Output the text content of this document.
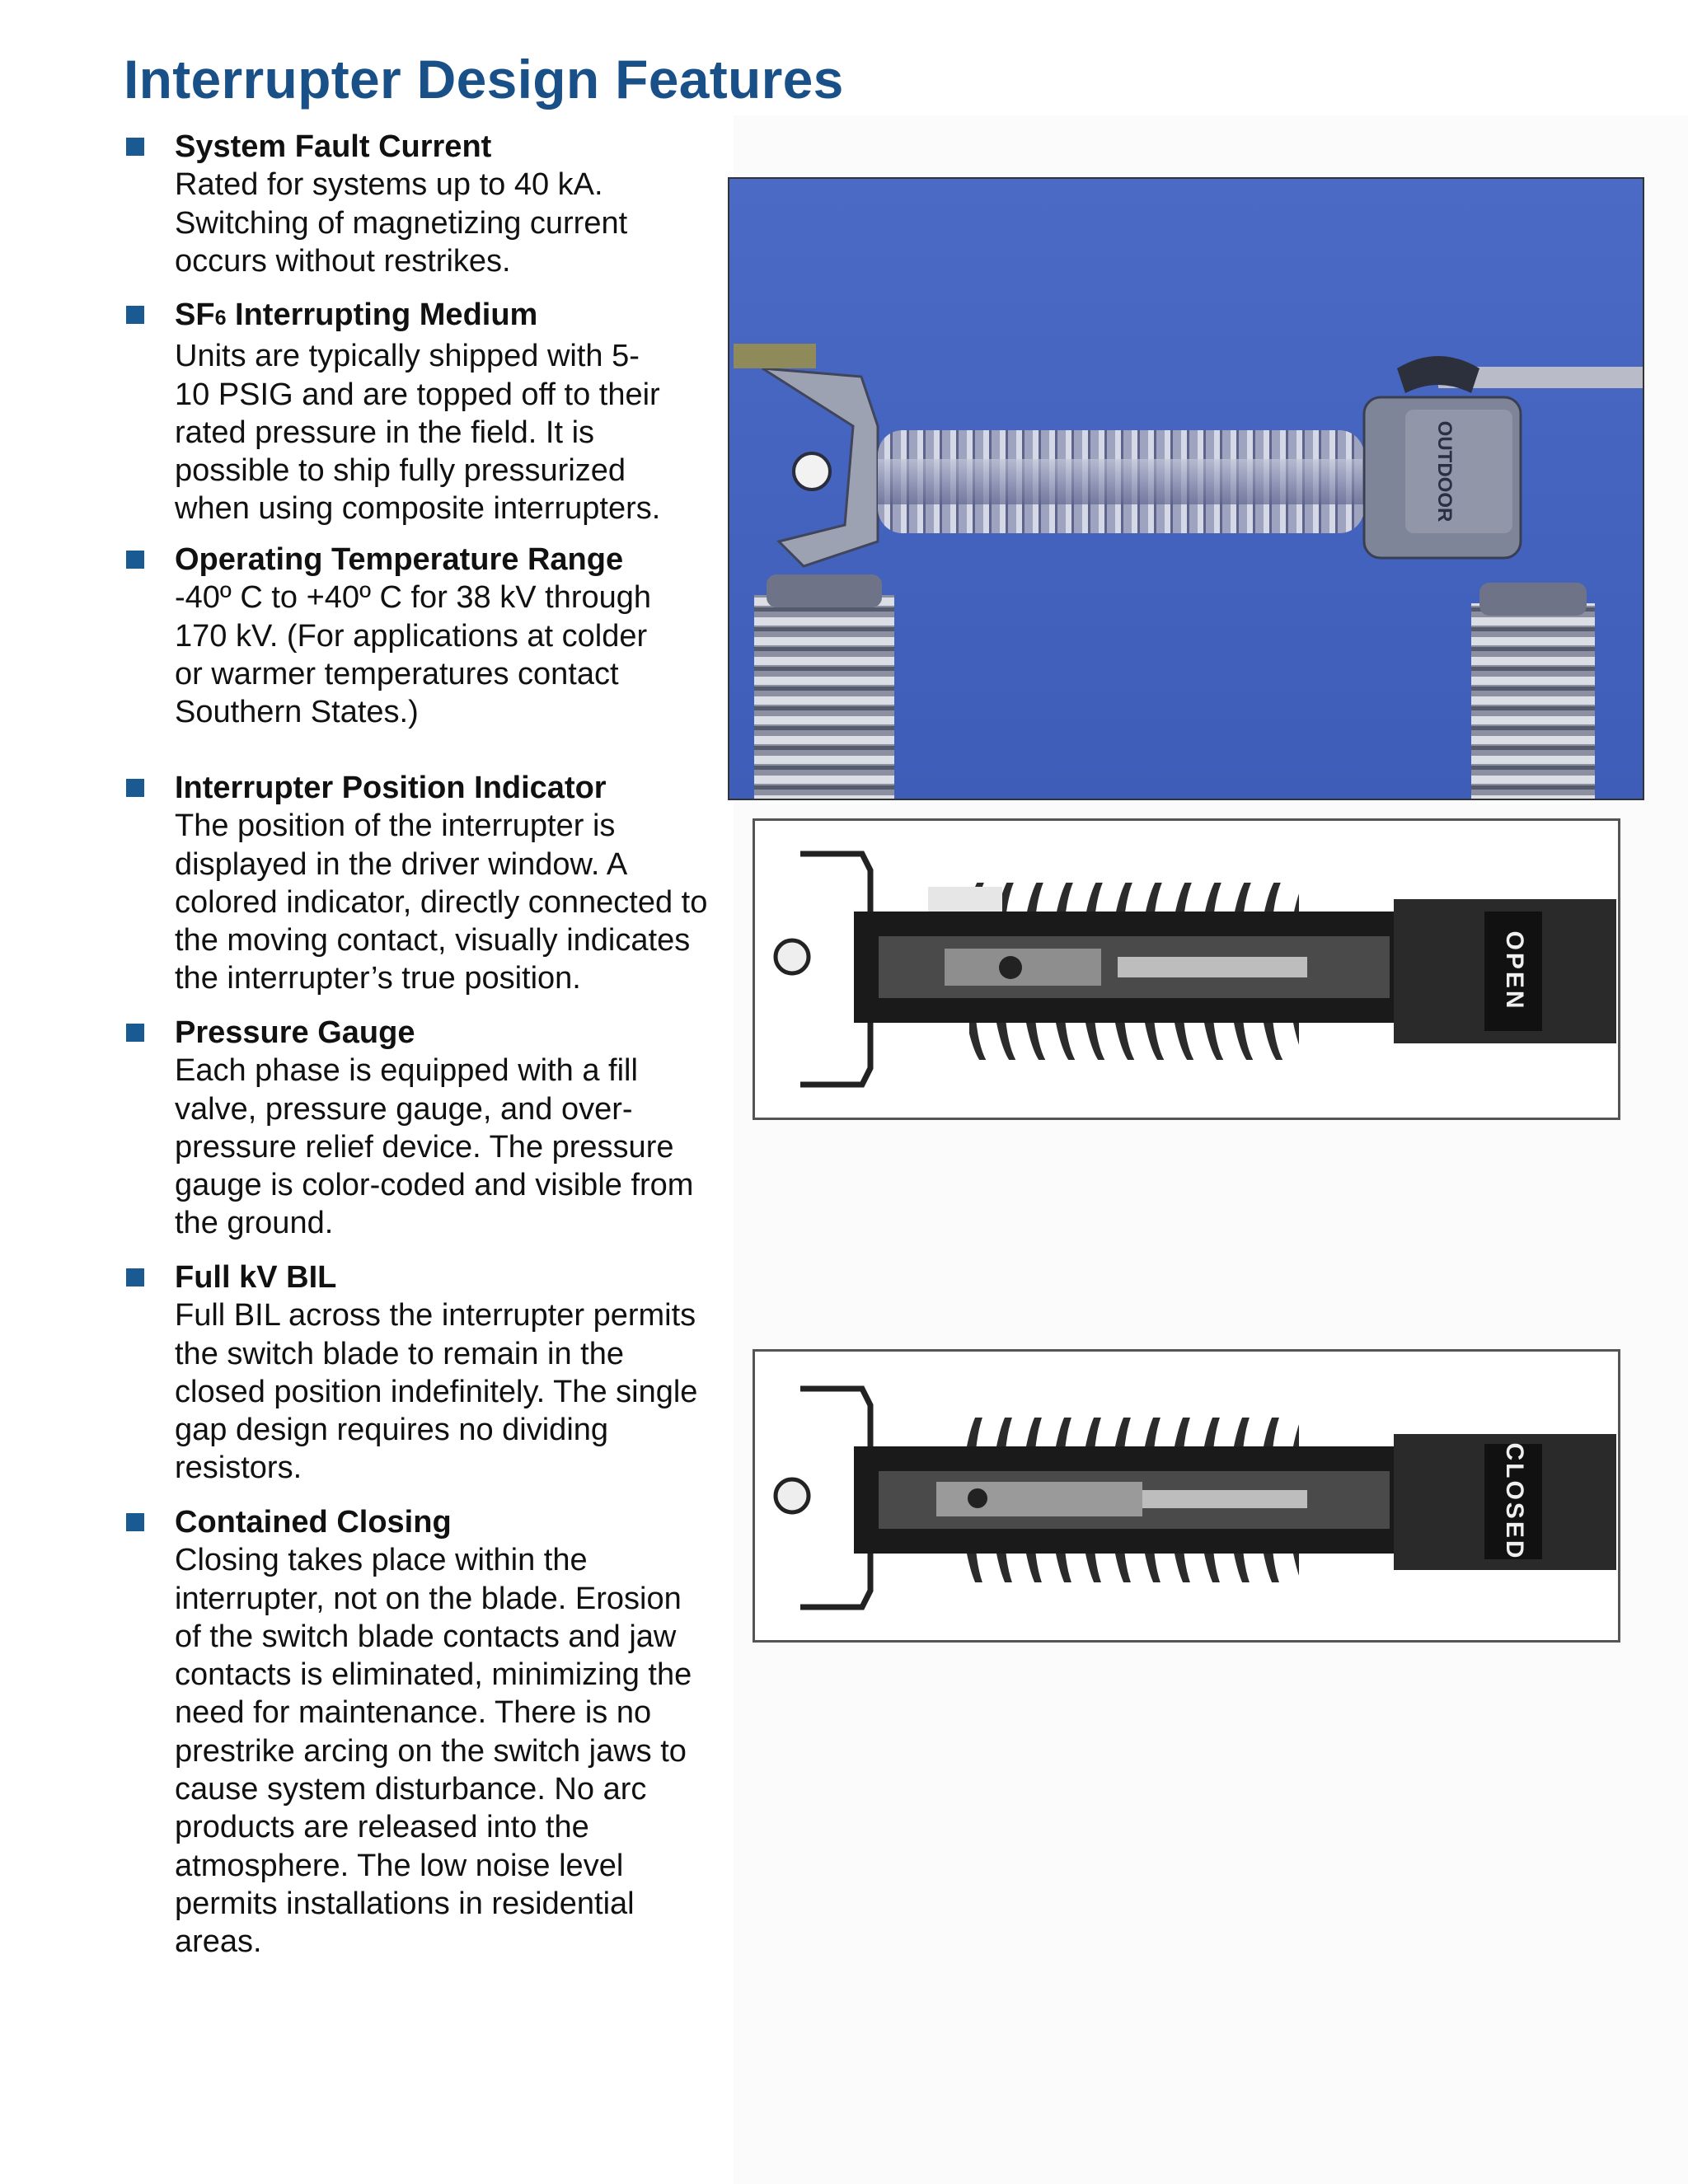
Interrupter Design Features
System Fault Current
Rated for systems up to 40 kA.
Switching of magnetizing current
occurs without restrikes.
SF6 Interrupting Medium
Units are typically shipped with 5-
10 PSIG and are topped off to their
rated pressure in the field. It is
possible to ship fully pressurized
when using composite interrupters.
Operating Temperature Range
-40º C to +40º C for 38 kV through
170 kV. (For applications at colder
or warmer temperatures contact
Southern States.)
Interrupter Position Indicator
The position of the interrupter is
displayed in the driver window. A
colored indicator, directly connected to
the moving contact, visually indicates
the interrupter’s true position.
Pressure Gauge
Each phase is equipped with a fill
valve, pressure gauge, and over-
pressure relief device. The pressure
gauge is color-coded and visible from
the ground.
Full kV BIL
Full BIL across the interrupter permits
the switch blade to remain in the
closed position indefinitely. The single
gap design requires no dividing
resistors.
Contained Closing
Closing takes place within the
interrupter, not on the blade. Erosion
of the switch blade contacts and jaw
contacts is eliminated, minimizing the
need for maintenance. There is no
prestrike arcing on the switch jaws to
cause system disturbance. No arc
products are released into the
atmosphere. The low noise level
permits installations in residential
areas.
OUTDOOR
OPEN
CLOSED
